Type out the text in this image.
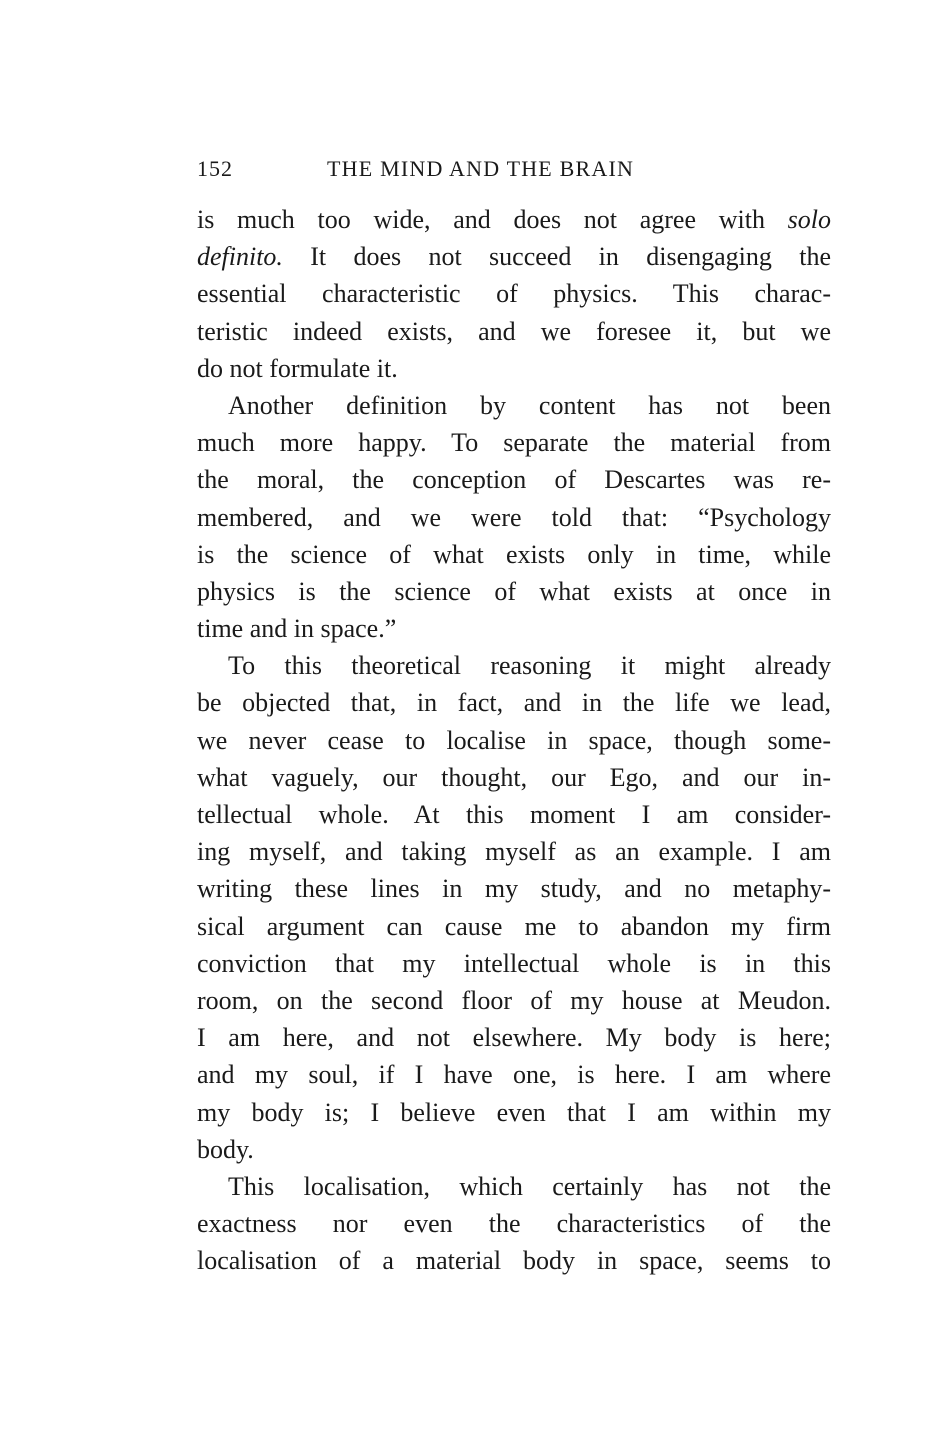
152	THE MIND AND THE BRAIN
is much too wide, and does not agree with solo
definito. It does not succeed in disengaging the
essential characteristic of physics. This charac-
teristic indeed exists, and we foresee it, but we
do not formulate it.
Another definition by content has not been
much more happy. To separate the material from
the moral, the conception of Descartes was re-
membered, and we were told that: “Psychology
is the science of what exists only in time, while
physics is the science of what exists at once in
time and in space.”
To this theoretical reasoning it might already
be objected that, in fact, and in the life we lead,
we never cease to localise in space, though some-
what vaguely, our thought, our Ego, and our in-
tellectual whole. At this moment I am consider-
ing myself, and taking myself as an example. I am
writing these lines in my study, and no metaphy-
sical argument can cause me to abandon my firm
conviction that my intellectual whole is in this
room, on the second floor of my house at Meudon.
I am here, and not elsewhere. My body is here;
and my soul, if I have one, is here. I am where
my body is; I believe even that I am within my
body.
This localisation, which certainly has not the
exactness nor even the characteristics of the
localisation of a material body in space, seems to
